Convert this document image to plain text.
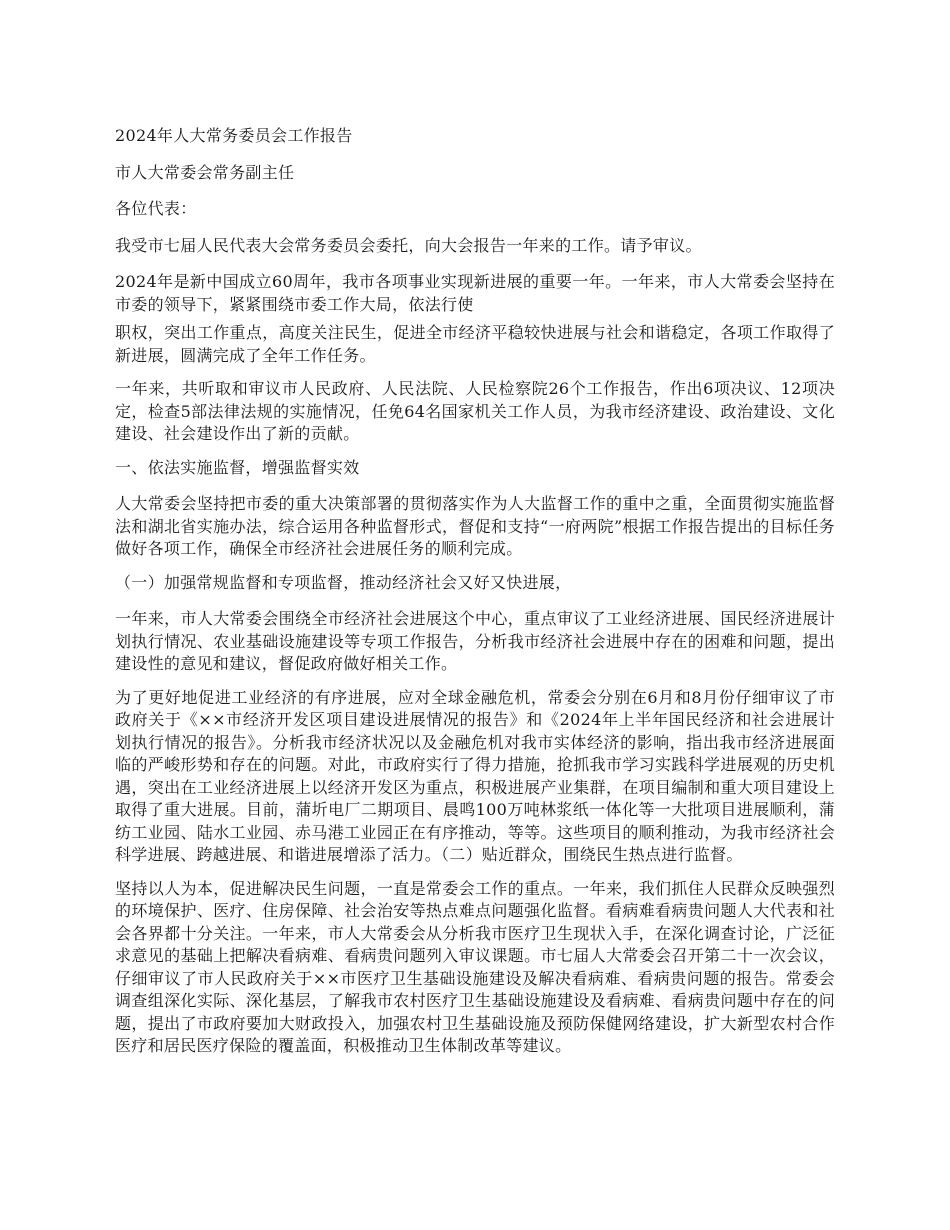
2024年人大常务委员会工作报告

市人大常委会常务副主任

各位代表：

我受市七届人民代表大会常务委员会委托，向大会报告一年来的工作。请予审议。

2024年是新中国成立60周年，我市各项事业实现新进展的重要一年。一年来，市人大常委会坚持在市委的领导下，紧紧围绕市委工作大局，依法行使

职权，突出工作重点，高度关注民生，促进全市经济平稳较快进展与社会和谐稳定，各项工作取得了新进展，圆满完成了全年工作任务。

一年来，共听取和审议市人民政府、人民法院、人民检察院26个工作报告，作出6项决议、12项决定，检查5部法律法规的实施情况，任免64名国家机关工作人员，为我市经济建设、政治建设、文化建设、社会建设作出了新的贡献。

一、依法实施监督，增强监督实效

人大常委会坚持把市委的重大决策部署的贯彻落实作为人大监督工作的重中之重，全面贯彻实施监督法和湖北省实施办法，综合运用各种监督形式，督促和支持“一府两院”根据工作报告提出的目标任务做好各项工作，确保全市经济社会进展任务的顺利完成。

（一）加强常规监督和专项监督，推动经济社会又好又快进展，

一年来，市人大常委会围绕全市经济社会进展这个中心，重点审议了工业经济进展、国民经济进展计划执行情况、农业基础设施建设等专项工作报告，分析我市经济社会进展中存在的困难和问题，提出建设性的意见和建议，督促政府做好相关工作。

为了更好地促进工业经济的有序进展，应对全球金融危机，常委会分别在6月和8月份仔细审议了市政府关于《××市经济开发区项目建设进展情况的报告》和《2024年上半年国民经济和社会进展计划执行情况的报告》。分析我市经济状况以及金融危机对我市实体经济的影响，指出我市经济进展面临的严峻形势和存在的问题。对此，市政府实行了得力措施，抢抓我市学习实践科学进展观的历史机遇，突出在工业经济进展上以经济开发区为重点，积极进展产业集群，在项目编制和重大项目建设上取得了重大进展。目前，蒲圻电厂二期项目、晨鸣100万吨林浆纸一体化等一大批项目进展顺利，蒲纺工业园、陆水工业园、赤马港工业园正在有序推动，等等。这些项目的顺利推动，为我市经济社会科学进展、跨越进展、和谐进展增添了活力。（二）贴近群众，围绕民生热点进行监督。

坚持以人为本，促进解决民生问题，一直是常委会工作的重点。一年来，我们抓住人民群众反映强烈的环境保护、医疗、住房保障、社会治安等热点难点问题强化监督。看病难看病贵问题人大代表和社会各界都十分关注。一年来，市人大常委会从分析我市医疗卫生现状入手，在深化调查讨论，广泛征求意见的基础上把解决看病难、看病贵问题列入审议课题。市七届人大常委会召开第二十一次会议，仔细审议了市人民政府关于××市医疗卫生基础设施建设及解决看病难、看病贵问题的报告。常委会调查组深化实际、深化基层，了解我市农村医疗卫生基础设施建设及看病难、看病贵问题中存在的问题，提出了市政府要加大财政投入，加强农村卫生基础设施及预防保健网络建设，扩大新型农村合作医疗和居民医疗保险的覆盖面，积极推动卫生体制改革等建议。
